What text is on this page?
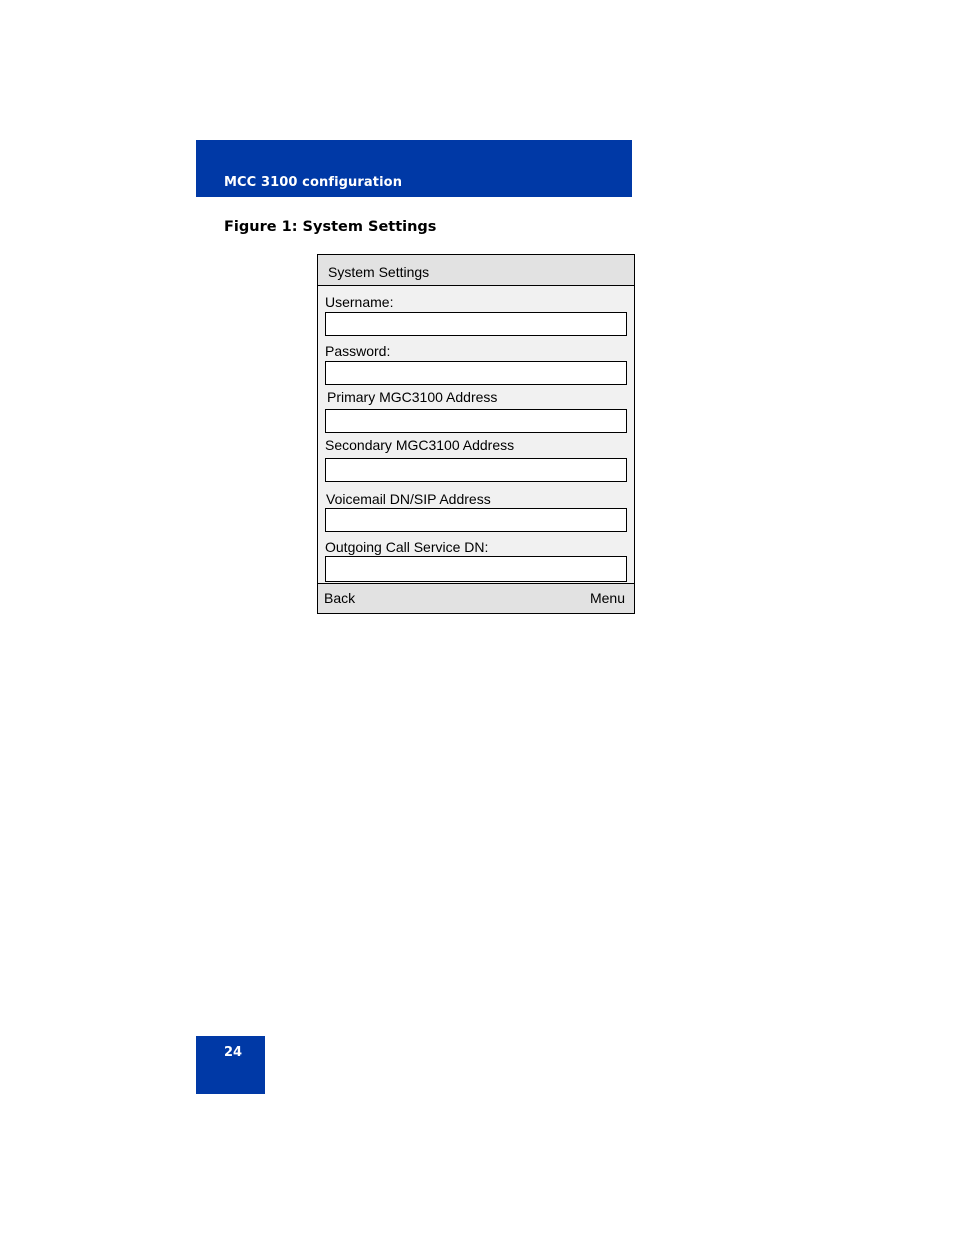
MCC 3100 configuration
Figure 1: System Settings
System Settings
Username:
Password:
Primary MGC3100 Address
Secondary MGC3100 Address
Voicemail DN/SIP Address
Outgoing Call Service DN:
Back	Menu
24
